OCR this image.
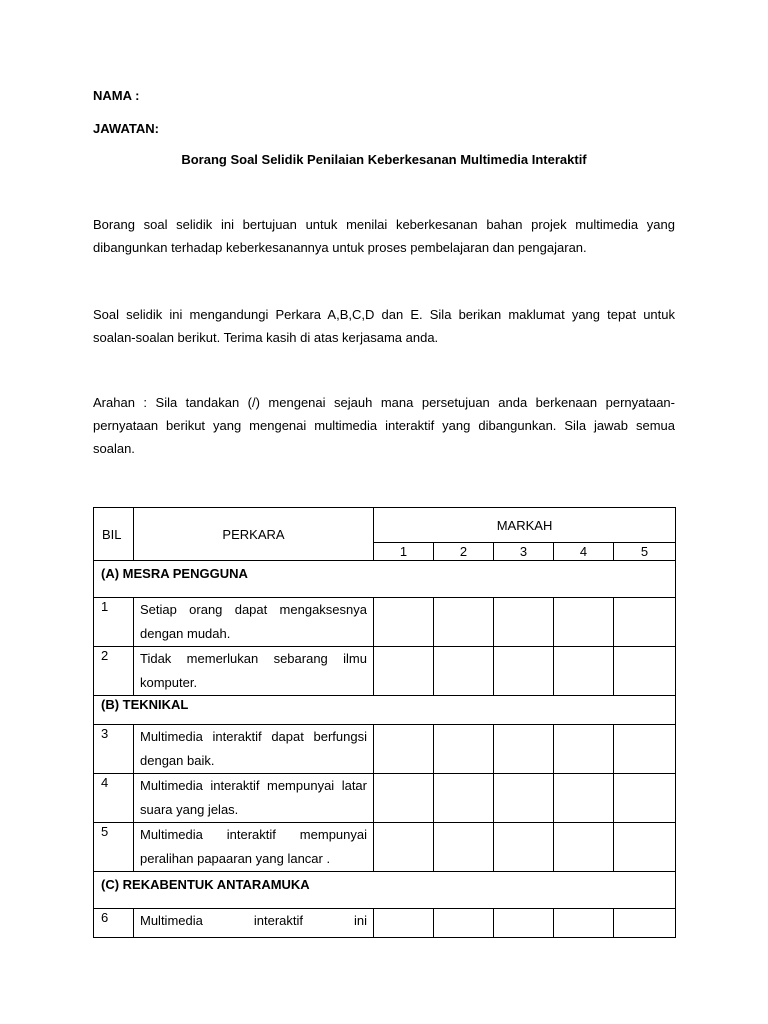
NAMA :
JAWATAN:
Borang Soal Selidik Penilaian Keberkesanan Multimedia Interaktif

Borang soal selidik ini bertujuan untuk menilai keberkesanan bahan projek multimedia yang dibangunkan terhadap keberkesanannya untuk proses pembelajaran dan pengajaran.

Soal selidik ini mengandungi Perkara A,B,C,D dan E. Sila berikan maklumat yang tepat untuk soalan-soalan berikut. Terima kasih di atas kerjasama anda.

Arahan : Sila tandakan (/) mengenai sejauh mana persetujuan anda berkenaan pernyataan-pernyataan berikut yang mengenai multimedia interaktif yang dibangunkan. Sila jawab semua soalan.

BIL	PERKARA	MARKAH				
		1	2	3	4	5
(A) MESRA PENGGUNA						
1	Setiap orang dapat mengaksesnya dengan mudah.					
2	Tidak memerlukan sebarang ilmu komputer.					
(B) TEKNIKAL						
3	Multimedia interaktif dapat berfungsi dengan baik.					
4	Multimedia interaktif mempunyai latar suara yang jelas.					
5	Multimedia interaktif mempunyai peralihan papaaran yang lancar .					
(C) REKABENTUK ANTARAMUKA						
6	Multimedia interaktif ini					
